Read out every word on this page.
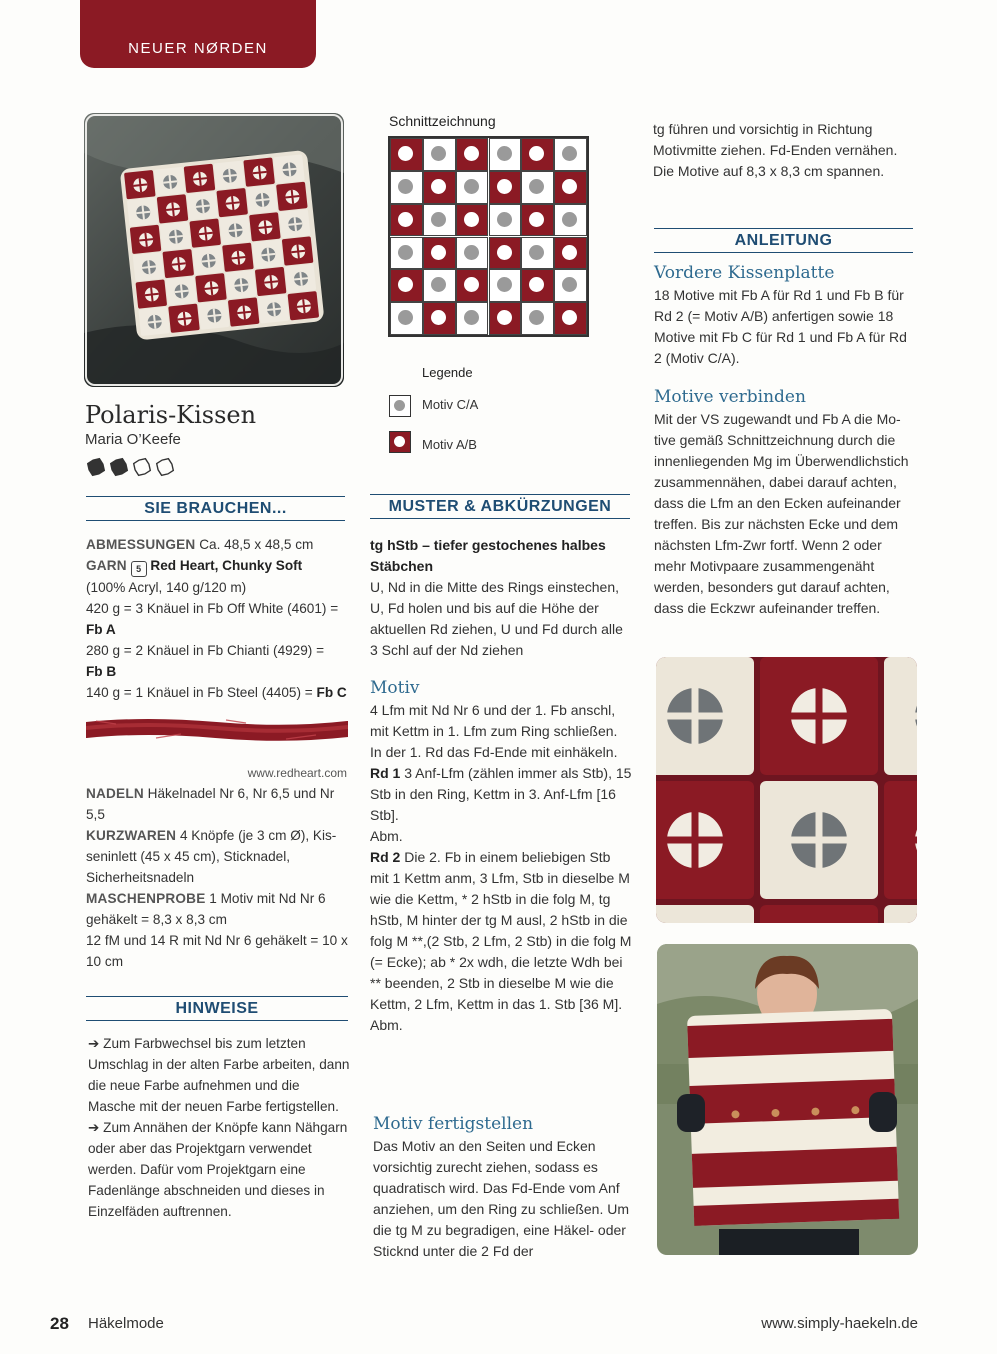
NEUER NØRDEN
Polaris-Kissen
Maria O’Keefe
SIE BRAUCHEN...
ABMESSUNGEN Ca. 48,5 x 48,5 cm
GARN 5 Red Heart, Chunky Soft
(100% Acryl, 140 g/120 m)
420 g = 3 Knäuel in Fb Off White (4601) =
Fb A
280 g = 2 Knäuel in Fb Chianti (4929) =
Fb B
140 g = 1 Knäuel in Fb Steel (4405) = Fb C
www.redheart.com
NADELN Häkelnadel Nr 6, Nr 6,5 und Nr 5,5
KURZWAREN 4 Knöpfe (je 3 cm Ø), Kisseninlett (45 x 45 cm), Sticknadel, Sicherheitsnadeln
MASCHENPROBE 1 Motiv mit Nd Nr 6 gehäkelt = 8,3 x 8,3 cm
12 fM und 14 R mit Nd Nr 6 gehäkelt = 10 x 10 cm
HINWEISE
➔ Zum Farbwechsel bis zum letzten Umschlag in der alten Farbe arbeiten, dann die neue Farbe aufnehmen und die Masche mit der neuen Farbe fertigstellen.
➔ Zum Annähen der Knöpfe kann Nähgarn oder aber das Projektgarn verwendet werden. Dafür vom Projektgarn eine Fadenlänge abschneiden und dieses in Einzelfäden auftrennen.
Schnittzeichnung
Legende
Motiv C/A
Motiv A/B
MUSTER & ABKÜRZUNGEN
tg hStb – tiefer gestochenes halbes Stäbchen
U, Nd in die Mitte des Rings einstechen, U, Fd holen und bis auf die Höhe der aktuellen Rd ziehen, U und Fd durch alle 3 Schl auf der Nd ziehen
Motiv
4 Lfm mit Nd Nr 6 und der 1. Fb anschl, mit Kettm in 1. Lfm zum Ring schließen. In der 1. Rd das Fd-Ende mit einhäkeln.
Rd 1 3 Anf-Lfm (zählen immer als Stb), 15 Stb in den Ring, Kettm in 3. Anf-Lfm [16 Stb].
Abm.
Rd 2 Die 2. Fb in einem beliebigen Stb mit 1 Kettm anm, 3 Lfm, Stb in dieselbe M wie die Kettm, * 2 hStb in die folg M, tg hStb, M hinter der tg M ausl, 2 hStb in die folg M **,(2 Stb, 2 Lfm, 2 Stb) in die folg M (= Ecke); ab * 2x wdh, die letzte Wdh bei ** beenden, 2 Stb in dieselbe M wie die Kettm, 2 Lfm, Kettm in das 1. Stb [36 M].
Abm.
Motiv fertigstellen
Das Motiv an den Seiten und Ecken vorsichtig zurecht ziehen, sodass es quadratisch wird. Das Fd-Ende vom Anf anziehen, um den Ring zu schließen. Um die tg M zu begradigen, eine Häkel- oder Sticknd unter die 2 Fd der
tg führen und vorsichtig in Richtung Motivmitte ziehen. Fd-Enden vernähen. Die Motive auf 8,3 x 8,3 cm spannen.
ANLEITUNG
Vordere Kissenplatte
18 Motive mit Fb A für Rd 1 und Fb B für Rd 2 (= Motiv A/B) anfertigen sowie 18 Motive mit Fb C für Rd 1 und Fb A für Rd 2 (Motiv C/A).
Motive verbinden
Mit der VS zugewandt und Fb A die Motive gemäß Schnittzeichnung durch die innenliegenden Mg im Überwendlichstich zusammennähen, dabei darauf achten, dass die Lfm an den Ecken aufeinander treffen. Bis zur nächsten Ecke und dem nächsten Lfm-Zwr fortf. Wenn 2 oder mehr Motivpaare zusammengenäht werden, besonders gut darauf achten, dass die Eckzwr aufeinander treffen.
28 Häkelmode	www.simply-haekeln.de
